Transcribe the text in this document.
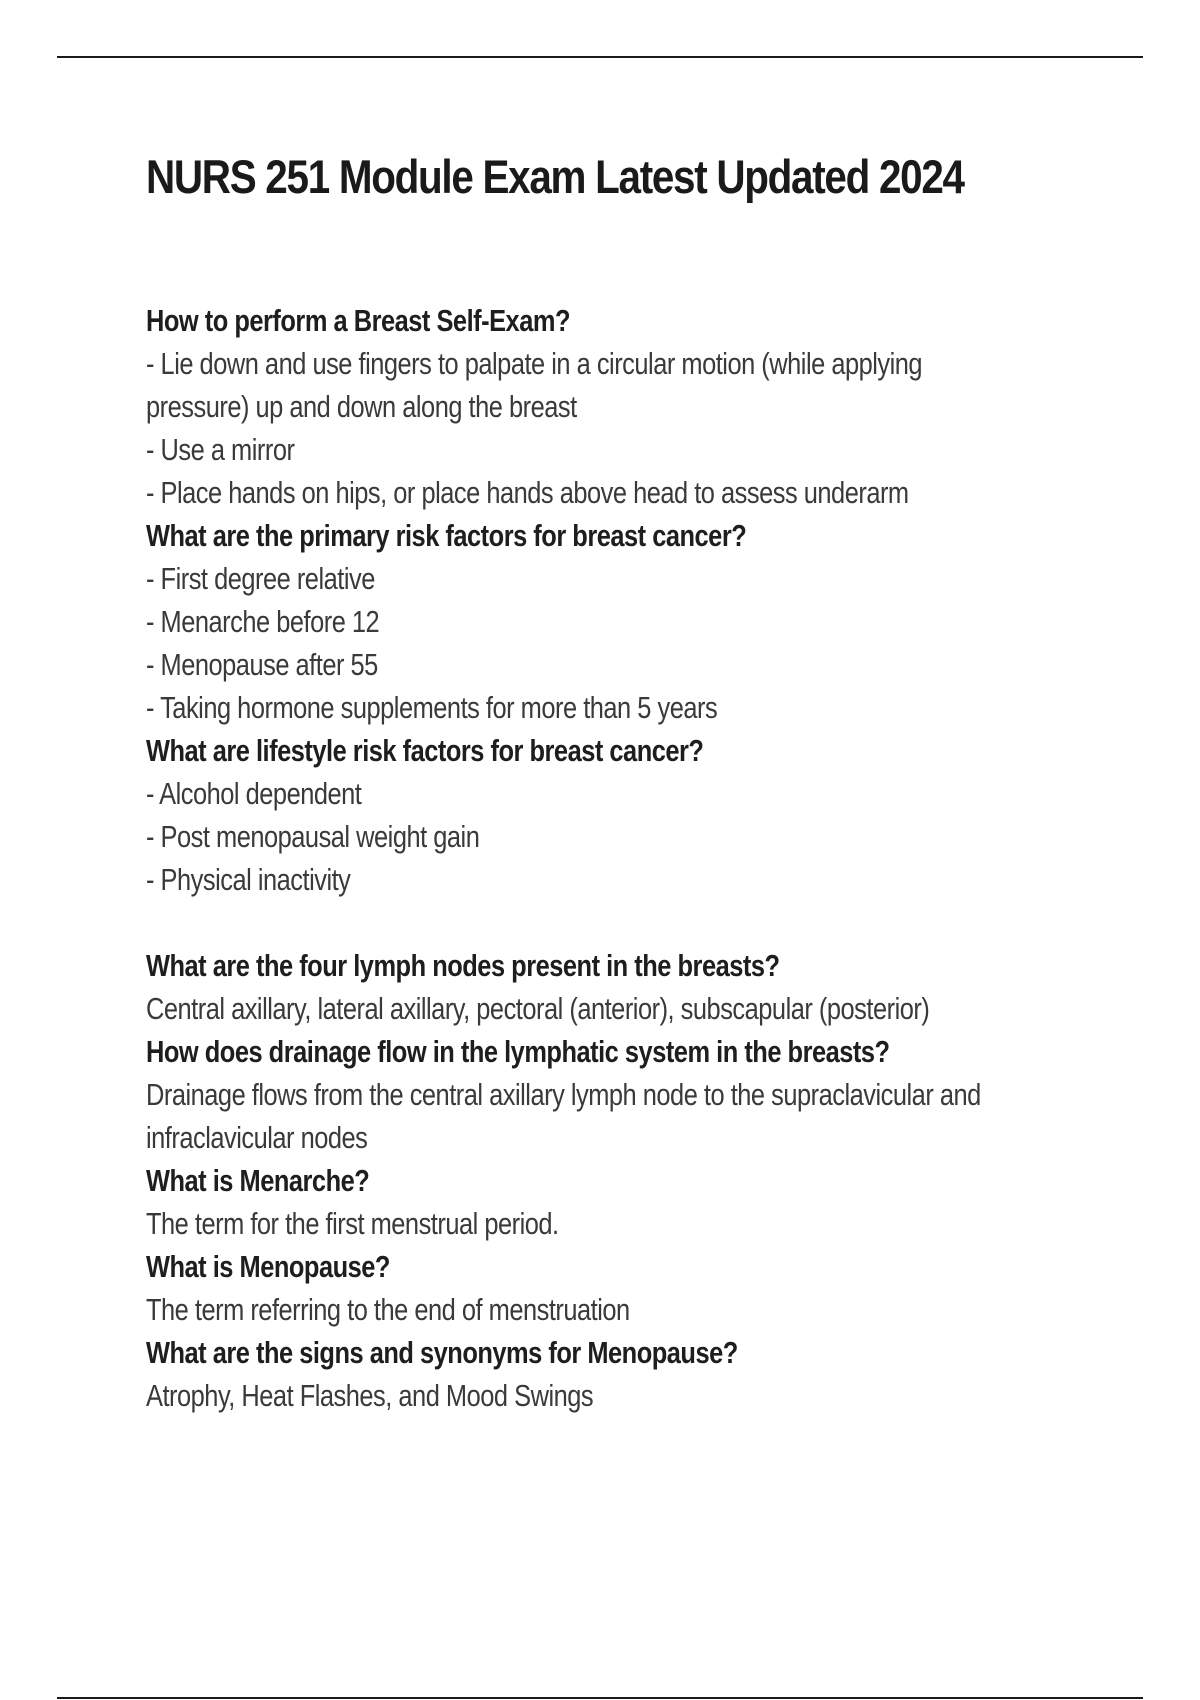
NURS 251 Module Exam Latest Updated 2024
How to perform a Breast Self-Exam?
- Lie down and use fingers to palpate in a circular motion (while applying
pressure) up and down along the breast
- Use a mirror
- Place hands on hips, or place hands above head to assess underarm
What are the primary risk factors for breast cancer?
- First degree relative
- Menarche before 12
- Menopause after 55
- Taking hormone supplements for more than 5 years
What are lifestyle risk factors for breast cancer?
- Alcohol dependent
- Post menopausal weight gain
- Physical inactivity
What are the four lymph nodes present in the breasts?
Central axillary, lateral axillary, pectoral (anterior), subscapular (posterior)
How does drainage flow in the lymphatic system in the breasts?
Drainage flows from the central axillary lymph node to the supraclavicular and
infraclavicular nodes
What is Menarche?
The term for the first menstrual period.
What is Menopause?
The term referring to the end of menstruation
What are the signs and synonyms for Menopause?
Atrophy, Heat Flashes, and Mood Swings
